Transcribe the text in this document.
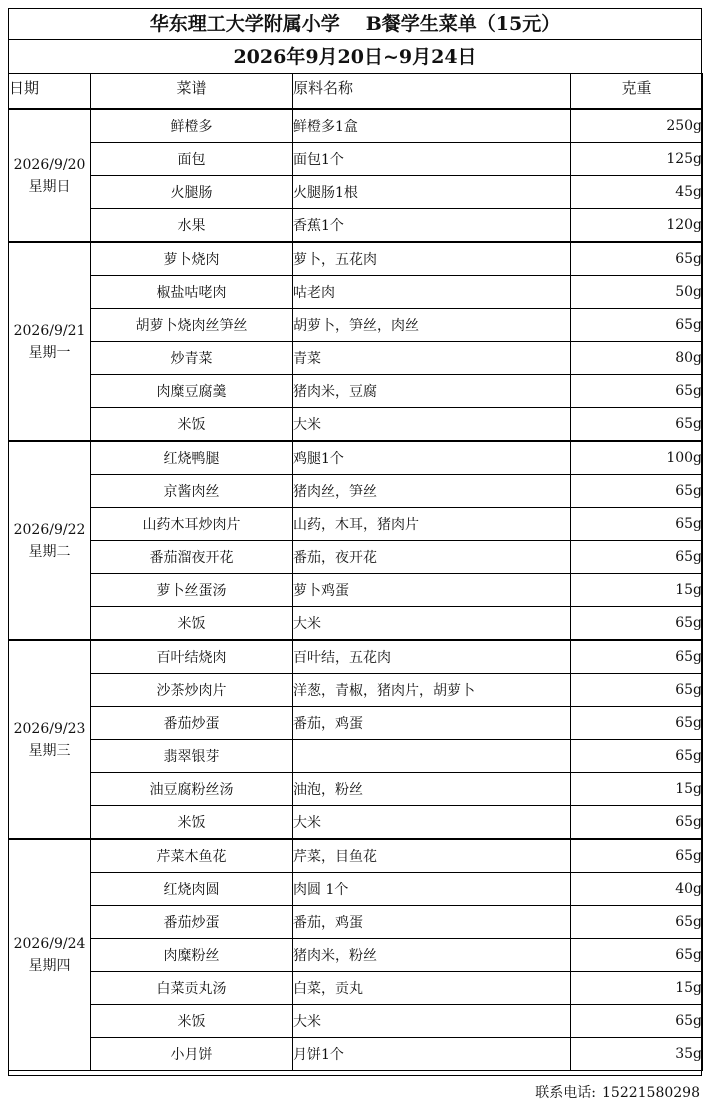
华东理工大学附属小学 B餐学生菜单（15元）
2026年9月20日~9月24日
日期	菜谱	原料名称	克重

2026/9/20
星期日	鲜橙多	鲜橙多1盒	250g
	面包	面包1个	125g
	火腿肠	火腿肠1根	45g
	水果	香蕉1个	120g

2026/9/21
星期一	萝卜烧肉	萝卜，五花肉	65g
	椒盐咕咾肉	咕老肉	50g
	胡萝卜烧肉丝笋丝	胡萝卜，笋丝，肉丝	65g
	炒青菜	青菜	80g
	肉糜豆腐羹	猪肉米，豆腐	65g
	米饭	大米	65g

2026/9/22
星期二	红烧鸭腿	鸡腿1个	100g
	京酱肉丝	猪肉丝，笋丝	65g
	山药木耳炒肉片	山药，木耳，猪肉片	65g
	番茄溜夜开花	番茄，夜开花	65g
	萝卜丝蛋汤	萝卜鸡蛋	15g
	米饭	大米	65g

2026/9/23
星期三	百叶结烧肉	百叶结，五花肉	65g
	沙茶炒肉片	洋葱，青椒，猪肉片，胡萝卜	65g
	番茄炒蛋	番茄，鸡蛋	65g
	翡翠银芽		65g
	油豆腐粉丝汤	油泡，粉丝	15g
	米饭	大米	65g

2026/9/24
星期四	芹菜木鱼花	芹菜，目鱼花	65g
	红烧肉圆	肉圆 1个	40g
	番茄炒蛋	番茄，鸡蛋	65g
	肉糜粉丝	猪肉米，粉丝	65g
	白菜贡丸汤	白菜，贡丸	15g
	米饭	大米	65g
	小月饼	月饼1个	35g
联系电话: 15221580298
